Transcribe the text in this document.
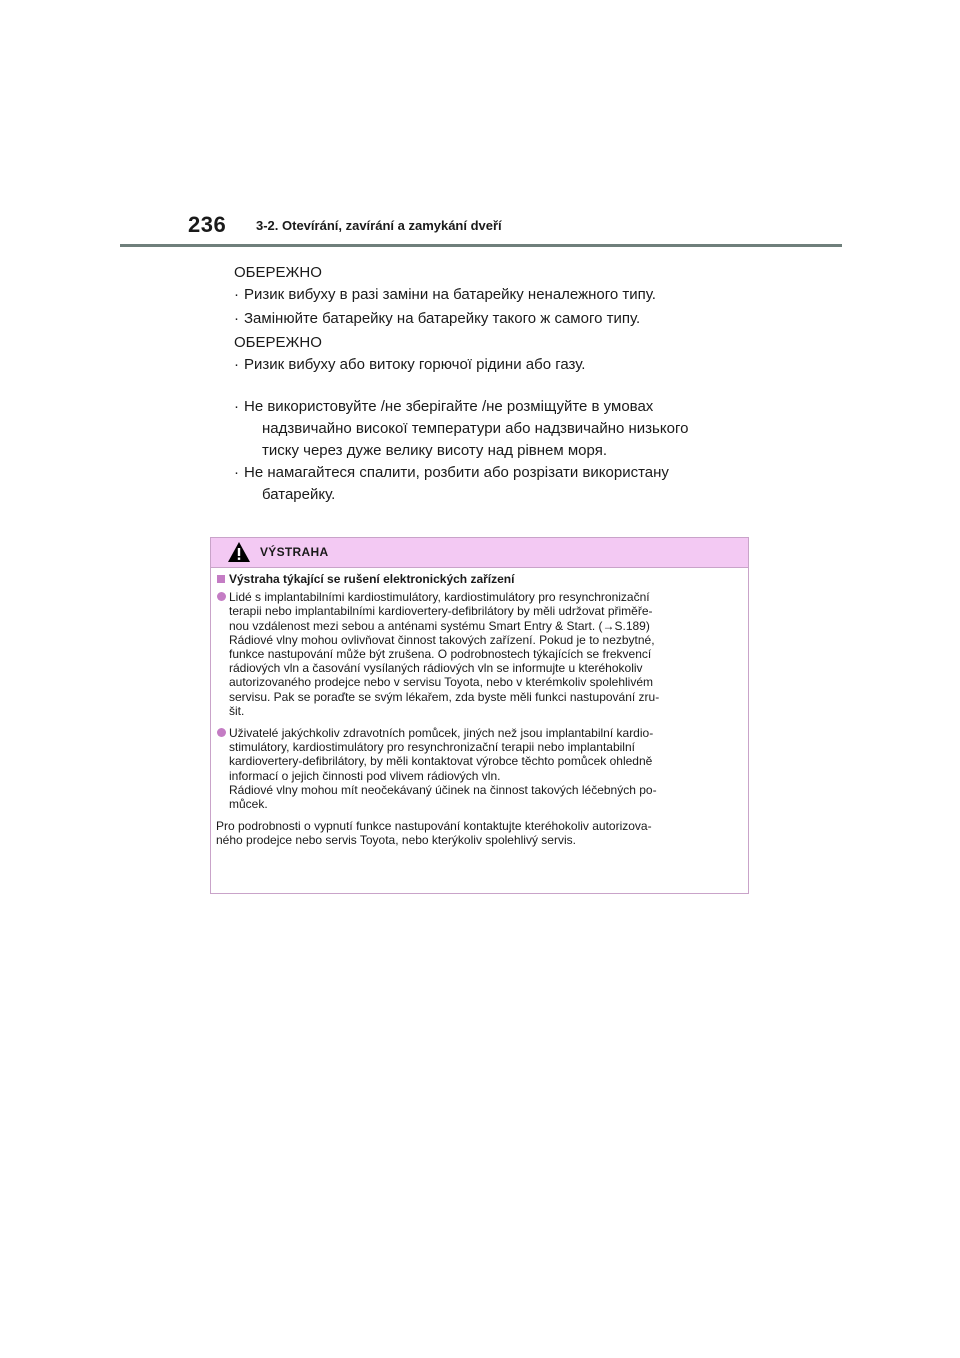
236 3-2. Otevírání, zavírání a zamykání dveří

ОБЕРЕЖНО

· Ризик вибуху в разі заміни на батарейку неналежного типу.

· Замінюйте батарейку на батарейку такого ж самого типу.

ОБЕРЕЖНО

· Ризик вибуху або витоку горючої рідини або газу.

· Не використовуйте /не зберігайте /не розміщуйте в умовах
надзвичайно високої температури або надзвичайно низького
тиску через дуже велику висоту над рівнем моря.

· Не намагайтеся спалити, розбити або розрізати використану
батарейку.

VÝSTRAHA
Výstraha týkající se rušení elektronických zařízení
Lidé s implantabilními kardiostimulátory, kardiostimulátory pro resynchronizační
terapii nebo implantabilními kardiovertery-defibrilátory by měli udržovat přiměře-
nou vzdálenost mezi sebou a anténami systému Smart Entry & Start. (→S.189)
Rádiové vlny mohou ovlivňovat činnost takových zařízení. Pokud je to nezbytné,
funkce nastupování může být zrušena. O podrobnostech týkajících se frekvencí
rádiových vln a časování vysílaných rádiových vln se informujte u kteréhokoliv
autorizovaného prodejce nebo v servisu Toyota, nebo v kterémkoliv spolehlivém
servisu. Pak se poraďte se svým lékařem, zda byste měli funkci nastupování zru-
šit.
Uživatelé jakýchkoliv zdravotních pomůcek, jiných než jsou implantabilní kardio-
stimulátory, kardiostimulátory pro resynchronizační terapii nebo implantabilní
kardiovertery-defibrilátory, by měli kontaktovat výrobce těchto pomůcek ohledně
informací o jejich činnosti pod vlivem rádiových vln.
Rádiové vlny mohou mít neočekávaný účinek na činnost takových léčebných po-
můcek.
Pro podrobnosti o vypnutí funkce nastupování kontaktujte kteréhokoliv autorizova-
ného prodejce nebo servis Toyota, nebo kterýkoliv spolehlivý servis.
